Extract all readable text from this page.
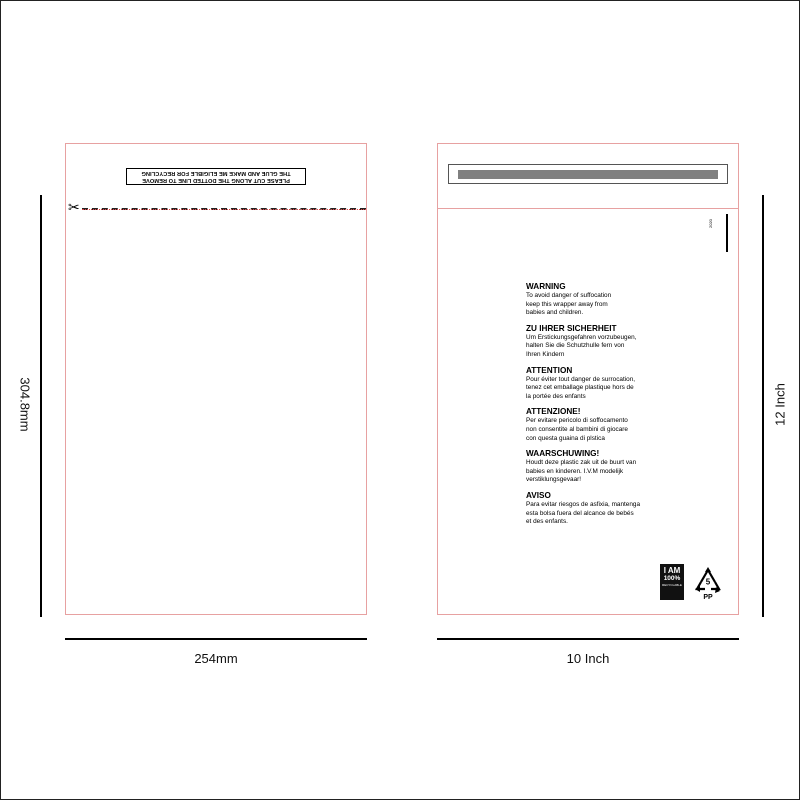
PLEASE CUT ALONG THE DOTTED LINE TO REMOVE
THE GLUE AND MAKE ME ELIGIBLE FOR RECYCLING
✂
2020
WARNING
To avoid danger of suffocation
keep this wrapper away from
babies and children.
ZU IHRER SICHERHEIT
Um Erstickungsgefahren vorzubeugen,
halten Sie die Schutzhulle fern von
Ihren Kindern
ATTENTION
Pour éviter tout danger de surrocation,
tenez cet emballage plastique hors de
la portée des enfants
ATTENZIONE!
Per evitare pericolo di soffocamento
non consentite al bambini di giocare
con questa guaina di plstica
WAARSCHUWING!
Houdt deze plastic zak uit de buurt van
babies en kinderen. I.V.M modelijk
verstiklungsgevaar!
AVISO
Para evitar riesgos de asfixia, mantenga
esta bolsa fuera del alcance de bebés
et des enfants.
I AM
100%
RECYCLABLE	5
PP
304.8mm	12 Inch
254mm	10 Inch
